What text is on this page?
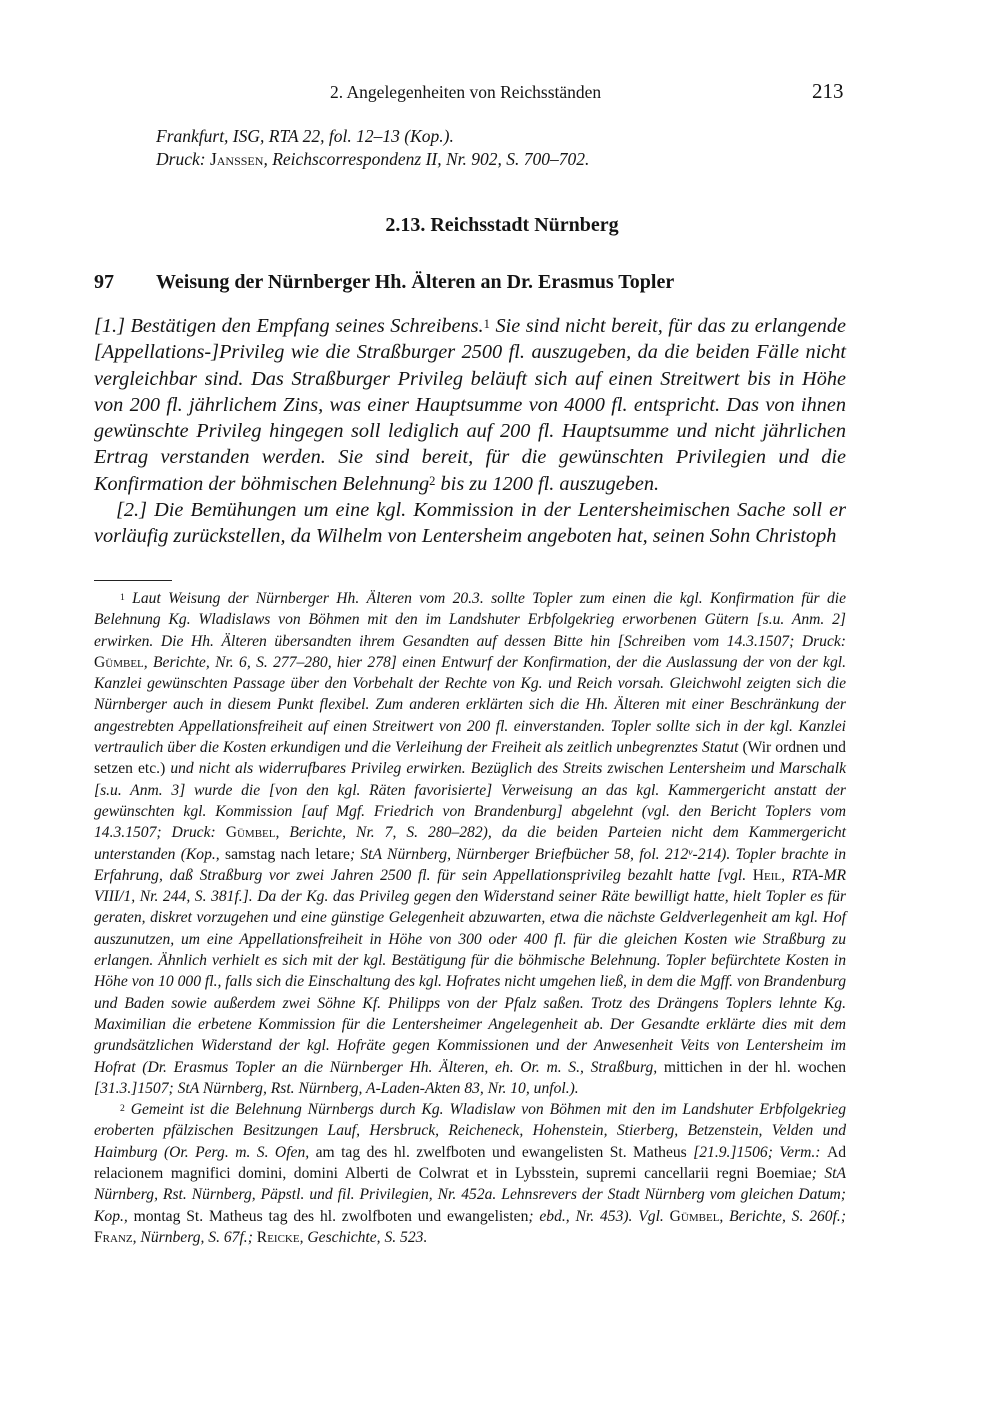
2. Angelegenheiten von Reichsständen	213
Frankfurt, ISG, RTA 22, fol. 12–13 (Kop.).
Druck: Janssen, Reichscorrespondenz II, Nr. 902, S. 700–702.
2.13. Reichsstadt Nürnberg
97 Weisung der Nürnberger Hh. Älteren an Dr. Erasmus Topler

[1.] Bestätigen den Empfang seines Schreibens.$^1$ Sie sind nicht bereit, für das zu erlangende [Appellations-]Privileg wie die Straßburger 2500 fl. auszugeben, da die beiden Fälle nicht vergleichbar sind. Das Straßburger Privileg beläuft sich auf einen Streitwert bis in Höhe von 200 fl. jährlichem Zins, was einer Hauptsumme von 4000 fl. entspricht. Das von ihnen gewünschte Privileg hingegen soll lediglich auf 200 fl. Hauptsumme und nicht jährlichen Ertrag verstanden werden. Sie sind bereit, für die gewünschten Privilegien und die Konfirmation der böhmischen Belehnung$^2$ bis zu 1200 fl. auszugeben.

[2.] Die Bemühungen um eine kgl. Kommission in der Lentersheimischen Sache soll er vorläufig zurückstellen, da Wilhelm von Lentersheim angeboten hat, seinen Sohn Christoph

$^1$ Laut Weisung der Nürnberger Hh. Älteren vom 20.3. sollte Topler zum einen die kgl. Konfirmation für die Belehnung Kg. Wladislaws von Böhmen mit den im Landshuter Erbfolgekrieg erworbenen Gütern [s.u. Anm. 2] erwirken. Die Hh. Älteren übersandten ihrem Gesandten auf dessen Bitte hin [Schreiben vom 14.3.1507; Druck: Gümbel, Berichte, Nr. 6, S. 277–280, hier 278] einen Entwurf der Konfirmation, der die Auslassung der von der kgl. Kanzlei gewünschten Passage über den Vorbehalt der Rechte von Kg. und Reich vorsah. Gleichwohl zeigten sich die Nürnberger auch in diesem Punkt flexibel. Zum anderen erklärten sich die Hh. Älteren mit einer Beschränkung der angestrebten Appellationsfreiheit auf einen Streitwert von 200 fl. einverstanden. Topler sollte sich in der kgl. Kanzlei vertraulich über die Kosten erkundigen und die Verleihung der Freiheit als zeitlich unbegrenztes Statut (Wir ordnen und setzen etc.) und nicht als widerrufbares Privileg erwirken. Bezüglich des Streits zwischen Lentersheim und Marschalk [s.u. Anm. 3] wurde die [von den kgl. Räten favorisierte] Verweisung an das kgl. Kammergericht anstatt der gewünschten kgl. Kommission [auf Mgf. Friedrich von Brandenburg] abgelehnt (vgl. den Bericht Toplers vom 14.3.1507; Druck: Gümbel, Berichte, Nr. 7, S. 280–282), da die beiden Parteien nicht dem Kammergericht unterstanden (Kop., samstag nach letare; StA Nürnberg, Nürnberger Briefbücher 58, fol. 212$^v$-214). Topler brachte in Erfahrung, daß Straßburg vor zwei Jahren 2500 fl. für sein Appellationsprivileg bezahlt hatte [vgl. Heil, RTA-MR VIII/1, Nr. 244, S. 381f.]. Da der Kg. das Privileg gegen den Widerstand seiner Räte bewilligt hatte, hielt Topler es für geraten, diskret vorzugehen und eine günstige Gelegenheit abzuwarten, etwa die nächste Geldverlegenheit am kgl. Hof auszunutzen, um eine Appellationsfreiheit in Höhe von 300 oder 400 fl. für die gleichen Kosten wie Straßburg zu erlangen. Ähnlich verhielt es sich mit der kgl. Bestätigung für die böhmische Belehnung. Topler befürchtete Kosten in Höhe von 10 000 fl., falls sich die Einschaltung des kgl. Hofrates nicht umgehen ließ, in dem die Mgff. von Brandenburg und Baden sowie außerdem zwei Söhne Kf. Philipps von der Pfalz saßen. Trotz des Drängens Toplers lehnte Kg. Maximilian die erbetene Kommission für die Lentersheimer Angelegenheit ab. Der Gesandte erklärte dies mit dem grundsätzlichen Widerstand der kgl. Hofräte gegen Kommissionen und der Anwesenheit Veits von Lentersheim im Hofrat (Dr. Erasmus Topler an die Nürnberger Hh. Älteren, eh. Or. m. S., Straßburg, mittichen in der hl. wochen [31.3.]1507; StA Nürnberg, Rst. Nürnberg, A-Laden-Akten 83, Nr. 10, unfol.).

$^2$ Gemeint ist die Belehnung Nürnbergs durch Kg. Wladislaw von Böhmen mit den im Landshuter Erbfolgekrieg eroberten pfälzischen Besitzungen Lauf, Hersbruck, Reicheneck, Hohenstein, Stierberg, Betzenstein, Velden und Haimburg (Or. Perg. m. S. Ofen, am tag des hl. zwelfboten und ewangelisten St. Matheus [21.9.]1506; Verm.: Ad relacionem magnifici domini, domini Alberti de Colwrat et in Lybsstein, supremi cancellarii regni Boemiae; StA Nürnberg, Rst. Nürnberg, Päpstl. und fil. Privilegien, Nr. 452a. Lehnsrevers der Stadt Nürnberg vom gleichen Datum; Kop., montag St. Matheus tag des hl. zwolfboten und ewangelisten; ebd., Nr. 453). Vgl. Gümbel, Berichte, S. 260f.; Franz, Nürnberg, S. 67f.; Reicke, Geschichte, S. 523.
